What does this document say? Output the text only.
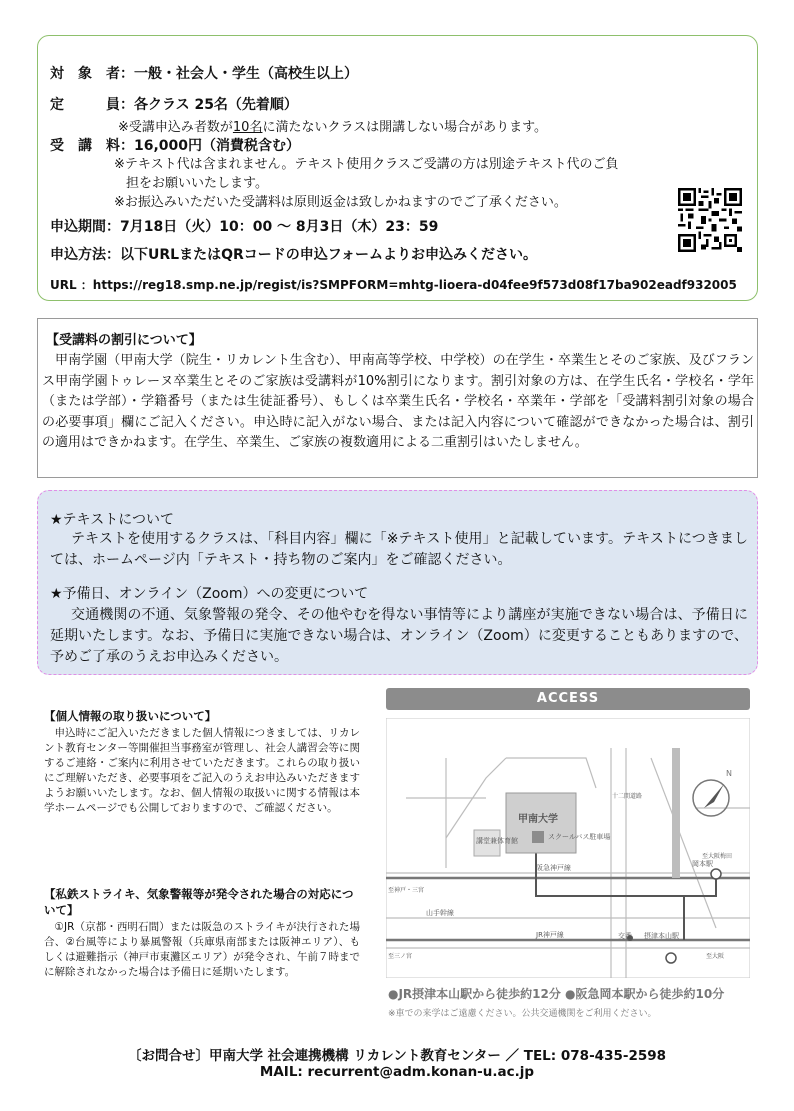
対　象　者：一般・社会人・学生（高校生以上）
定　　　員：各クラス 25名（先着順）
※受講申込み者数が10名に満たないクラスは開講しない場合があります。
受　講　料：16,000円（消費税含む）
※テキスト代は含まれません。テキスト使用クラスご受講の方は別途テキスト代のご負
担をお願いいたします。
※お振込みいただいた受講料は原則返金は致しかねますのでご了承ください。
申込期間：7月18日（火）10：00 〜 8月3日（木）23：59
申込方法：以下URLまたはQRコードの申込フォームよりお申込みください。
URL ：https://reg18.smp.ne.jp/regist/is?SMPFORM=mhtg-lioera-d04fee9f573d08f17ba902eadf932005
【受講料の割引について】
甲南学園（甲南大学（院生・リカレント生含む）、甲南高等学校、中学校）の在学生・卒業生とそのご家族、及びフランス甲南学園トゥレーヌ卒業生とそのご家族は受講料が10%割引になります。割引対象の方は、在学生氏名・学校名・学年（または学部）・学籍番号（または生徒証番号）、もしくは卒業生氏名・学校名・卒業年・学部を「受講料割引対象の場合の必要事項」欄にご記入ください。申込時に記入がない場合、または記入内容について確認ができなかった場合は、割引の適用はできかねます。在学生、卒業生、ご家族の複数適用による二重割引はいたしません。
★テキストについて
テキストを使用するクラスは、「科目内容」欄に「※テキスト使用」と記載しています。テキストにつきましては、ホームページ内「テキスト・持ち物のご案内」をご確認ください。
★予備日、オンライン（Zoom）への変更について
交通機関の不通、気象警報の発令、その他やむを得ない事情等により講座が実施できない場合は、予備日に延期いたします。なお、予備日に実施できない場合は、オンライン（Zoom）に変更することもありますので、予めご了承のうえお申込みください。
【個人情報の取り扱いについて】
申込時にご記入いただきました個人情報につきましては、リカレント教育センター等開催担当事務室が管理し、社会人講習会等に関するご連絡・ご案内に利用させていただきます。これらの取り扱いにご理解いただき、必要事項をご記入のうえお申込みいただきますようお願いいたします。なお、個人情報の取扱いに関する情報は本学ホームページでも公開しておりますので、ご確認ください。
【私鉄ストライキ、気象警報等が発令された場合の対応について】
①JR（京都・西明石間）または阪急のストライキが決行された場合、②台風等により暴風警報（兵庫県南部または阪神エリア）、もしくは避難指示（神戸市東灘区エリア）が発令され、午前７時までに解除されなかった場合は予備日に延期いたします。
ACCESS
N
甲南大学
講堂兼体育館	スクールバス駐車場
阪急神戸線
山手幹線
JR神戸線
十二間道路
岡本駅
摂津本山駅
交番
至神戸・三宮
至三ノ宮
至大阪梅田
至大阪
●JR摂津本山駅から徒歩約12分 ●阪急岡本駅から徒歩約10分
※車での来学はご遠慮ください。公共交通機関をご利用ください。
〔お問合せ〕甲南大学 社会連携機構 リカレント教育センター ／ TEL: 078-435-2598
MAIL: recurrent@adm.konan-u.ac.jp
